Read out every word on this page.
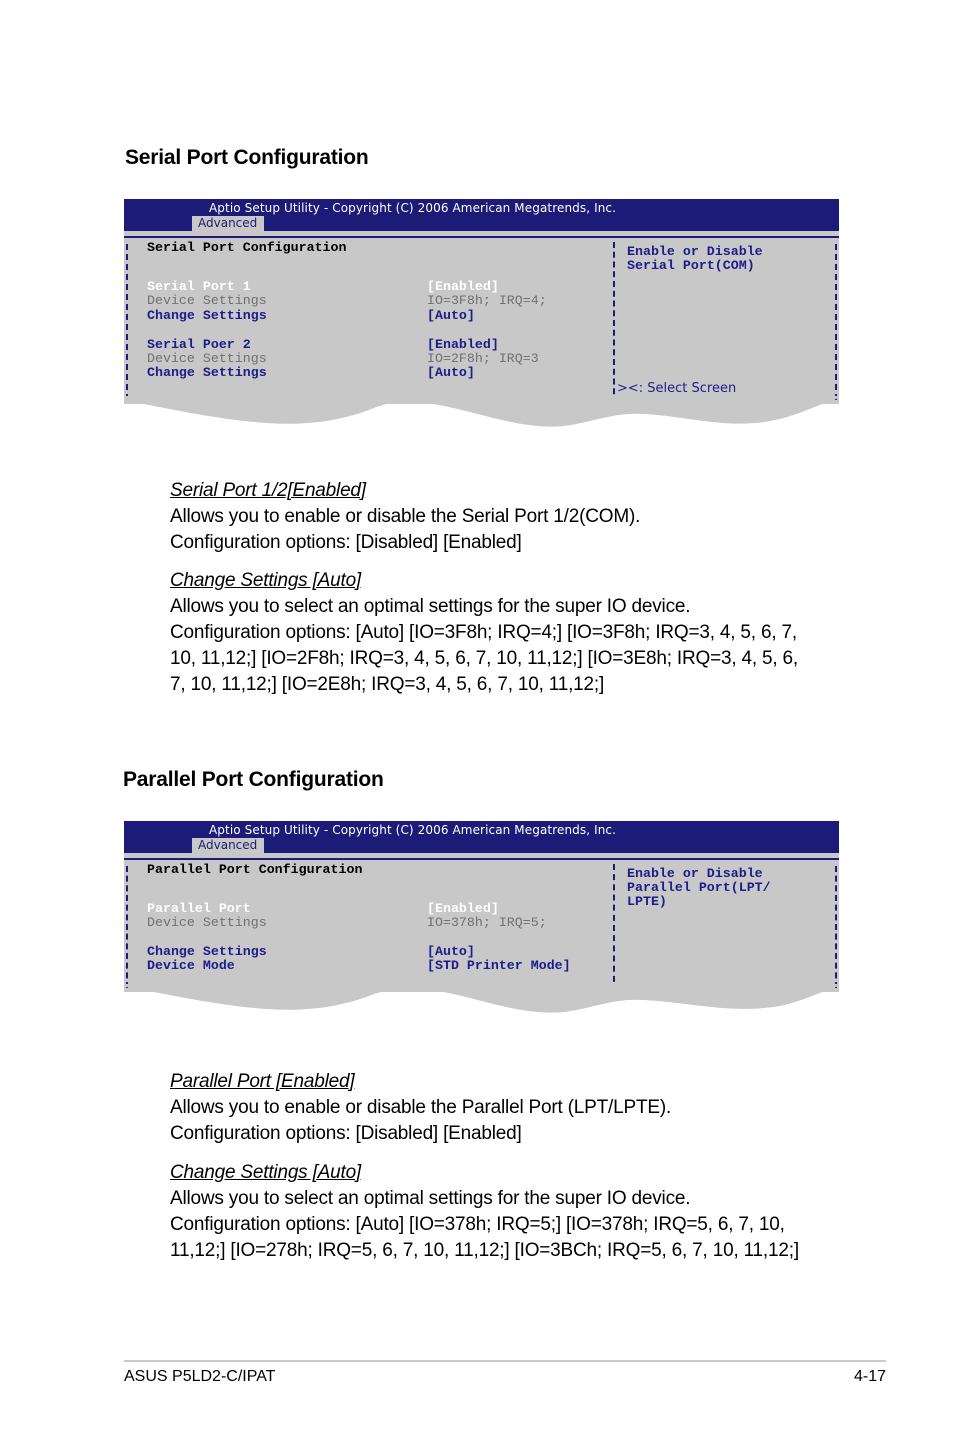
Serial Port Configuration
Aptio Setup Utility - Copyright (C) 2006 American Megatrends, Inc.
Advanced
Serial Port Configuration
Serial Port 1	[Enabled]
Device Settings	IO=3F8h; IRQ=4;
Change Settings	[Auto]
Serial Poer 2	[Enabled]
Device Settings	IO=2F8h; IRQ=3
Change Settings	[Auto]
Enable or Disable
Serial Port(COM)
><: Select Screen

Serial Port 1/2[Enabled]

Allows you to enable or disable the Serial Port 1/2(COM).

Configuration options: [Disabled] [Enabled]

Change Settings [Auto]

Allows you to select an optimal settings for the super IO device.

Configuration options: [Auto] [IO=3F8h; IRQ=4;] [IO=3F8h; IRQ=3, 4, 5, 6, 7,

10, 11,12;] [IO=2F8h; IRQ=3, 4, 5, 6, 7, 10, 11,12;] [IO=3E8h; IRQ=3, 4, 5, 6,

7, 10, 11,12;] [IO=2E8h; IRQ=3, 4, 5, 6, 7, 10, 11,12;]

Parallel Port Configuration
Aptio Setup Utility - Copyright (C) 2006 American Megatrends, Inc.
Advanced
Parallel Port Configuration
Parallel Port	[Enabled]
Device Settings	IO=378h; IRQ=5;
Change Settings	[Auto]
Device Mode	[STD Printer Mode]
Enable or Disable
Parallel Port(LPT/
LPTE)

Parallel Port [Enabled]

Allows you to enable or disable the Parallel Port (LPT/LPTE).

Configuration options: [Disabled] [Enabled]

Change Settings [Auto]

Allows you to select an optimal settings for the super IO device.

Configuration options: [Auto] [IO=378h; IRQ=5;] [IO=378h; IRQ=5, 6, 7, 10,

11,12;] [IO=278h; IRQ=5, 6, 7, 10, 11,12;] [IO=3BCh; IRQ=5, 6, 7, 10, 11,12;]

ASUS P5LD2-C/IPAT	4-17
